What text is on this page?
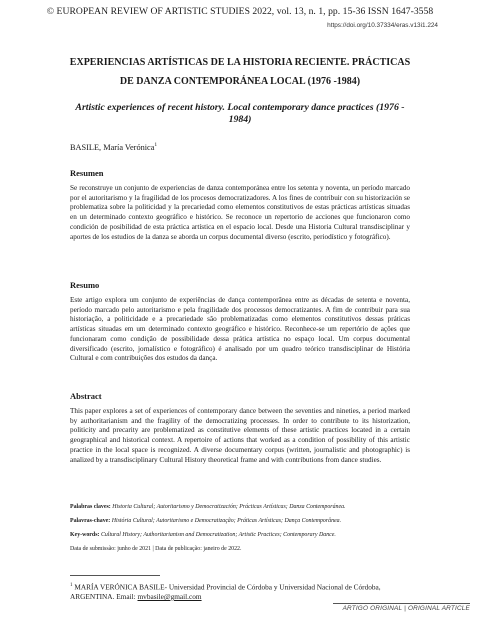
© EUROPEAN REVIEW OF ARTISTIC STUDIES 2022, vol. 13, n. 1, pp. 15-36 ISSN 1647-3558
https://doi.org/10.37334/eras.v13i1.224
EXPERIENCIAS ARTÍSTICAS DE LA HISTORIA RECIENTE. PRÁCTICAS
DE DANZA CONTEMPORÁNEA LOCAL (1976 -1984)
Artistic experiences of recent history. Local contemporary dance practices (1976 -
1984)
BASILE, María Verónica$^1$
Resumen

Se reconstruye un conjunto de experiencias de danza contemporánea entre los setenta y noventa, un período marcado por el autoritarismo y la fragilidad de los procesos democratizadores. A los fines de contribuir con su historización se problematiza sobre la politicidad y la precariedad como elementos constitutivos de estas prácticas artísticas situadas en un determinado contexto geográfico e histórico. Se reconoce un repertorio de acciones que funcionaron como condición de posibilidad de esta práctica artística en el espacio local. Desde una Historia Cultural transdisciplinar y aportes de los estudios de la danza se aborda un corpus documental diverso (escrito, periodístico y fotográfico).

Resumo

Este artigo explora um conjunto de experiências de dança contemporânea entre as décadas de setenta e noventa, período marcado pelo autoritarismo e pela fragilidade dos processos democratizantes. A fim de contribuir para sua historiação, a politicidade e a precariedade são problematizadas como elementos constitutivos dessas práticas artísticas situadas em um determinado contexto geográfico e histórico. Reconhece-se um repertório de ações que funcionaram como condição de possibilidade dessa prática artística no espaço local. Um corpus documental diversificado (escrito, jornalístico e fotográfico) é analisado por um quadro teórico transdisciplinar de História Cultural e com contribuições dos estudos da dança.

Abstract

This paper explores a set of experiences of contemporary dance between the seventies and nineties, a period marked by authoritarianism and the fragility of the democratizing processes. In order to contribute to its historization, politicity and precarity are problematized as constitutive elements of these artistic practices located in a certain geographical and historical context. A repertoire of actions that worked as a condition of possibility of this artistic practice in the local space is recognized. A diverse documentary corpus (written, journalistic and photographic) is analized by a transdisciplinary Cultural History theoretical frame and with contributions from dance studies.

Palabras claves: Historia Cultural; Autoritarismo y Democratización; Prácticas Artísticas; Danza Contemporánea.
Palavras-chave: História Cultural; Autoritarismo e Democratização; Práticas Artísticas; Dança Contemporânea.
Key-words: Cultural History; Authoritarianism and Democratization; Artistic Practices; Contemporary Dance.
Data de submissão: junho de 2021 | Data de publicação: janeiro de 2022.
$^1$ MARÍA VERÓNICA BASILE- Universidad Provincial de Córdoba y Universidad Nacional de Córdoba, ARGENTINA. Email: mvbasile@gmail.com
ARTIGO ORIGINAL | ORIGINAL ARTICLE
